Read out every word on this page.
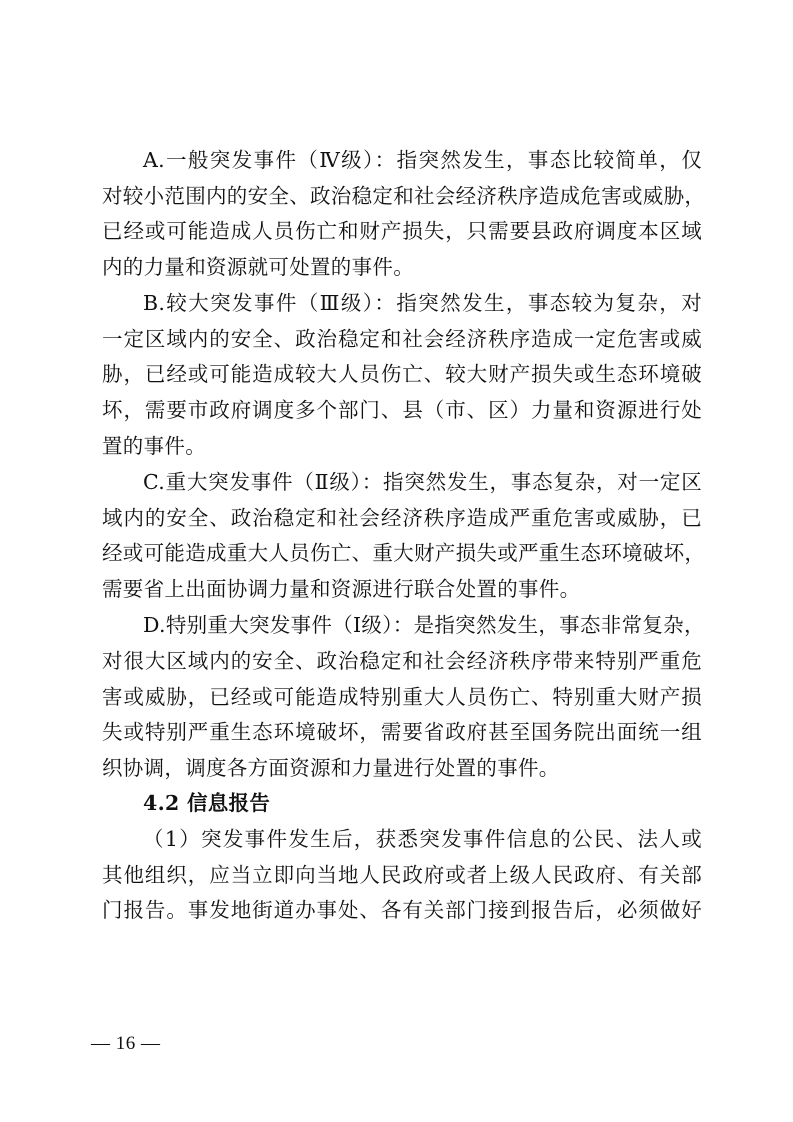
A.一般突发事件（Ⅳ级）：指突然发生，事态比较简单，仅
对较小范围内的安全、政治稳定和社会经济秩序造成危害或威胁，
已经或可能造成人员伤亡和财产损失，只需要县政府调度本区域
内的力量和资源就可处置的事件。
B.较大突发事件（Ⅲ级）：指突然发生，事态较为复杂，对
一定区域内的安全、政治稳定和社会经济秩序造成一定危害或威
胁，已经或可能造成较大人员伤亡、较大财产损失或生态环境破
坏，需要市政府调度多个部门、县（市、区）力量和资源进行处
置的事件。
C.重大突发事件（Ⅱ级）：指突然发生，事态复杂，对一定区
域内的安全、政治稳定和社会经济秩序造成严重危害或威胁，已
经或可能造成重大人员伤亡、重大财产损失或严重生态环境破坏，
需要省上出面协调力量和资源进行联合处置的事件。
D.特别重大突发事件（Ⅰ级）：是指突然发生，事态非常复杂，
对很大区域内的安全、政治稳定和社会经济秩序带来特别严重危
害或威胁，已经或可能造成特别重大人员伤亡、特别重大财产损
失或特别严重生态环境破坏，需要省政府甚至国务院出面统一组
织协调，调度各方面资源和力量进行处置的事件。
4.2 信息报告
（1）突发事件发生后，获悉突发事件信息的公民、法人或
其他组织，应当立即向当地人民政府或者上级人民政府、有关部
门报告。事发地街道办事处、各有关部门接到报告后，必须做好
— 16 —
